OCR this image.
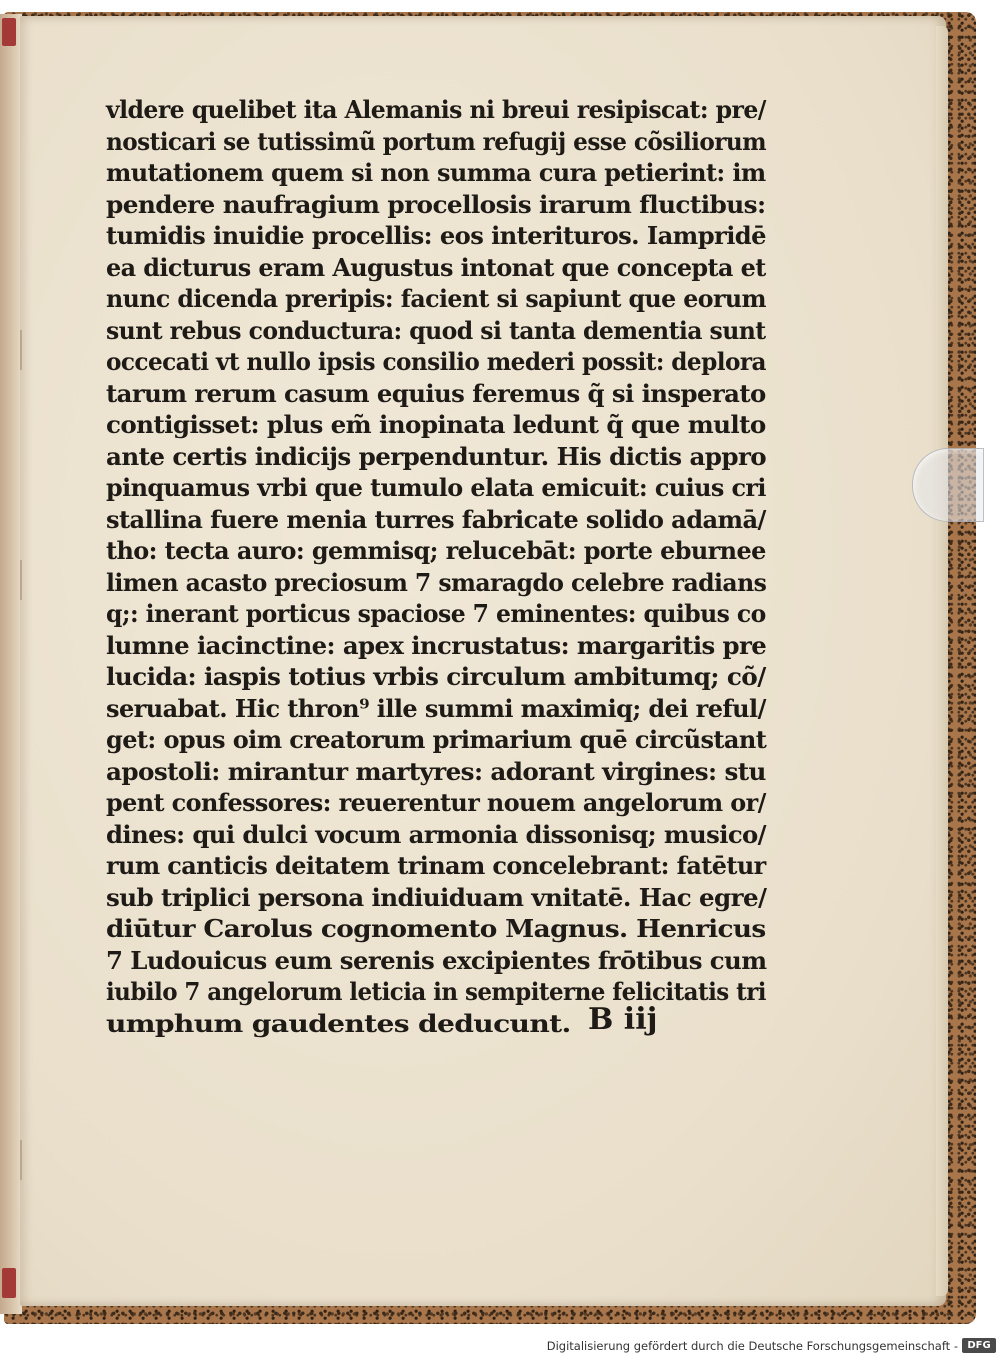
vldere quelibet ita Alemanis ni breui resipiscat: pre/
nosticari se tutissimũ portum refugij esse cõsiliorum
mutationem quem si non summa cura petierint: im
pendere naufragium procellosis irarum fluctibus:
tumidis inuidie procellis: eos interituros. Iampridē
ea dicturus eram Augustus intonat que concepta et
nunc dicenda preripis: facient si sapiunt que eorum
sunt rebus conductura: quod si tanta dementia sunt
occecati vt nullo ipsis consilio mederi possit: deplora
tarum rerum casum equius feremus q̃ si insperato
contigisset: plus em̃ inopinata ledunt q̃ que multo
ante certis indicijs perpenduntur. His dictis appro
pinquamus vrbi que tumulo elata emicuit: cuius cri
stallina fuere menia turres fabricate solido adamā/
tho: tecta auro: gemmisq; relucebāt: porte eburnee
limen acasto preciosum 7 smaragdo celebre radians
q;: inerant porticus spaciose 7 eminentes: quibus co
lumne iacinctine: apex incrustatus: margaritis pre
lucida: iaspis totius vrbis circulum ambitumq; cõ/
seruabat. Hic thron⁹ ille summi maximiq; dei reful/
get: opus oim creatorum primarium quē circũstant
apostoli: mirantur martyres: adorant virgines: stu
pent confessores: reuerentur nouem angelorum or/
dines: qui dulci vocum armonia dissonisq; musico/
rum canticis deitatem trinam concelebrant: fatētur
sub triplici persona indiuiduam vnitatē. Hac egre/
diūtur Carolus cognomento Magnus. Henricus
7 Ludouicus eum serenis excipientes frōtibus cum
iubilo 7 angelorum leticia in sempiterne felicitatis tri
umphum gaudentes deducunt. B iij
Digitalisierung gefördert durch die Deutsche Forschungsgemeinschaft - DFG
